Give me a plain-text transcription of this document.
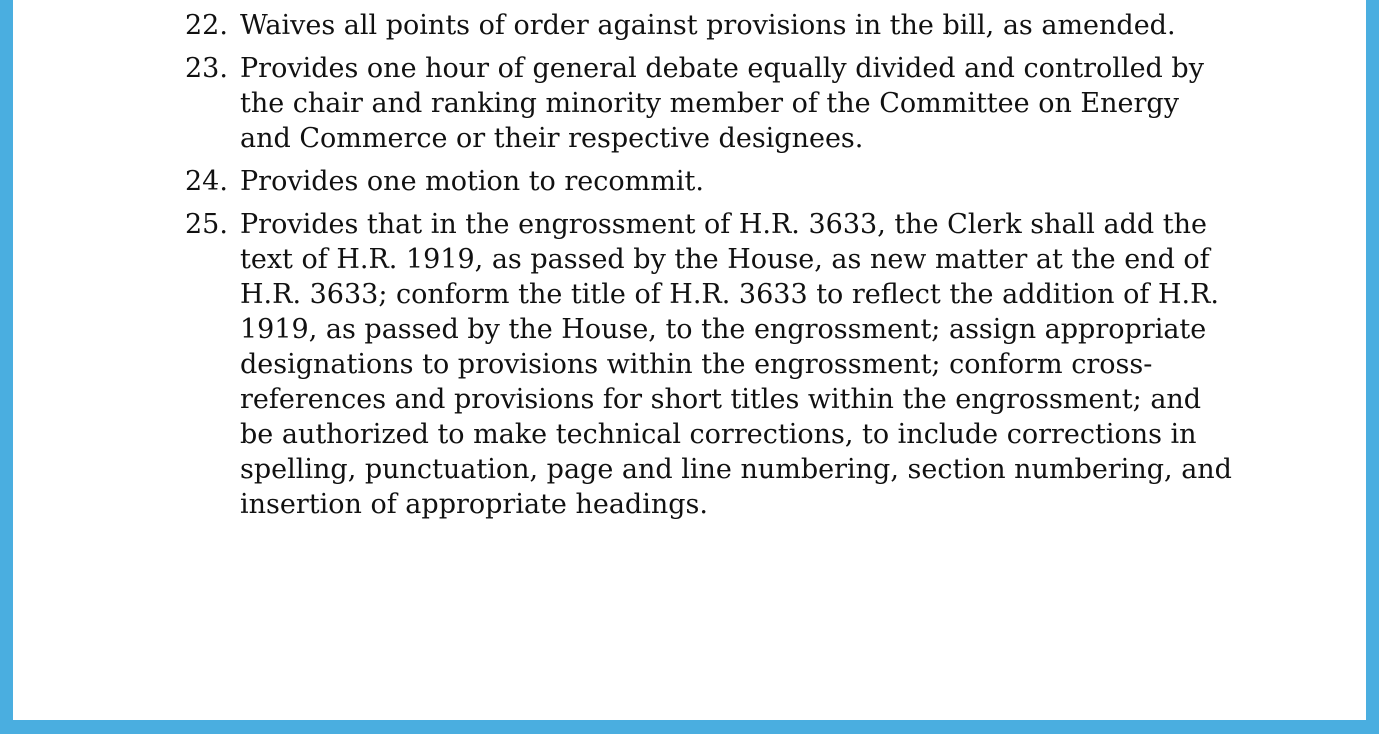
22. Waives all points of order against provisions in the bill, as amended.
23. Provides one hour of general debate equally divided and controlled by the chair and ranking minority member of the Committee on Energy and Commerce or their respective designees.
24. Provides one motion to recommit.
25. Provides that in the engrossment of H.R. 3633, the Clerk shall add the text of H.R. 1919, as passed by the House, as new matter at the end of H.R. 3633; conform the title of H.R. 3633 to reflect the addition of H.R. 1919, as passed by the House, to the engrossment; assign appropriate designations to provisions within the engrossment; conform cross-references and provisions for short titles within the engrossment; and be authorized to make technical corrections, to include corrections in spelling, punctuation, page and line numbering, section numbering, and insertion of appropriate headings.
